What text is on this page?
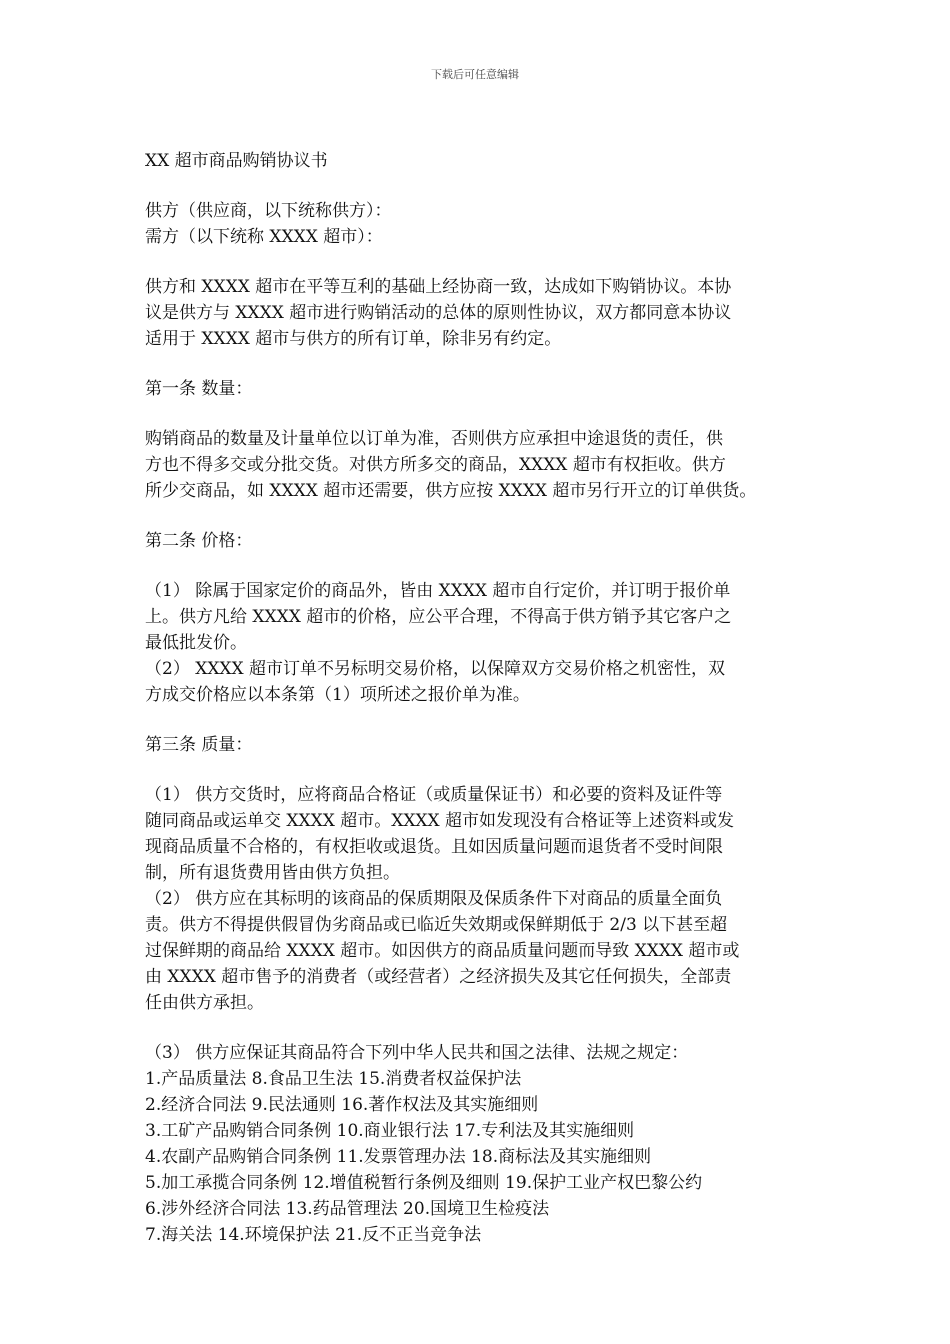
下载后可任意编辑

XX 超市商品购销协议书

供方（供应商，以下统称供方）：

需方（以下统称 XXXX 超市）：

供方和 XXXX 超市在平等互利的基础上经协商一致，达成如下购销协议。本协

议是供方与 XXXX 超市进行购销活动的总体的原则性协议，双方都同意本协议

适用于 XXXX 超市与供方的所有订单，除非另有约定。

第一条 数量：

购销商品的数量及计量单位以订单为准，否则供方应承担中途退货的责任，供

方也不得多交或分批交货。对供方所多交的商品，XXXX 超市有权拒收。供方

所少交商品，如 XXXX 超市还需要，供方应按 XXXX 超市另行开立的订单供货。

第二条 价格：

（1） 除属于国家定价的商品外，皆由 XXXX 超市自行定价，并订明于报价单

上。供方凡给 XXXX 超市的价格，应公平合理，不得高于供方销予其它客户之

最低批发价。

（2） XXXX 超市订单不另标明交易价格，以保障双方交易价格之机密性，双

方成交价格应以本条第（1）项所述之报价单为准。

第三条 质量：

（1） 供方交货时，应将商品合格证（或质量保证书）和必要的资料及证件等

随同商品或运单交 XXXX 超市。XXXX 超市如发现没有合格证等上述资料或发

现商品质量不合格的，有权拒收或退货。且如因质量问题而退货者不受时间限

制，所有退货费用皆由供方负担。

（2） 供方应在其标明的该商品的保质期限及保质条件下对商品的质量全面负

责。供方不得提供假冒伪劣商品或已临近失效期或保鲜期低于 2/3 以下甚至超

过保鲜期的商品给 XXXX 超市。如因供方的商品质量问题而导致 XXXX 超市或

由 XXXX 超市售予的消费者（或经营者）之经济损失及其它任何损失，全部责

任由供方承担。

（3） 供方应保证其商品符合下列中华人民共和国之法律、法规之规定：

1.产品质量法 8.食品卫生法 15.消费者权益保护法

2.经济合同法 9.民法通则 16.著作权法及其实施细则

3.工矿产品购销合同条例 10.商业银行法 17.专利法及其实施细则

4.农副产品购销合同条例 11.发票管理办法 18.商标法及其实施细则

5.加工承揽合同条例 12.增值税暂行条例及细则 19.保护工业产权巴黎公约

6.涉外经济合同法 13.药品管理法 20.国境卫生检疫法

7.海关法 14.环境保护法 21.反不正当竞争法
